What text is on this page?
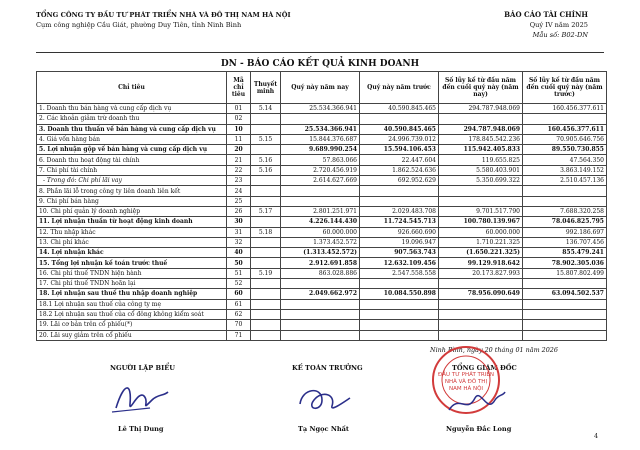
TỔNG CÔNG TY ĐẦU TƯ PHÁT TRIỂN NHÀ VÀ ĐÔ THỊ NAM HÀ NỘI
Cụm công nghiệp Cầu Giát, phường Duy Tiên, tỉnh Ninh Bình
BÁO CÁO TÀI CHÍNH
Quý IV năm 2025
Mẫu số: B02-DN
DN - BÁO CÁO KẾT QUẢ KINH DOANH
Chỉ tiêu	Mã chỉ tiêu	Thuyết minh	Quý này năm nay	Quý này năm trước	Số lũy kế từ đầu năm đến cuối quý này (năm nay)	Số lũy kế từ đầu năm đến cuối quý này (năm trước)
1. Doanh thu bán hàng và cung cấp dịch vụ	01	5.14	25.534.366.941	40.590.845.465	294.787.948.069	160.456.377.611
2. Các khoản giảm trừ doanh thu	02					
3. Doanh thu thuần về bán hàng và cung cấp dịch vụ	10		25.534.366.941	40.590.845.465	294.787.948.069	160.456.377.611
4. Giá vốn hàng bán	11	5.15	15.844.376.687	24.996.739.012	178.845.542.236	70.905.646.756
5. Lợi nhuận gộp về bán hàng và cung cấp dịch vụ	20		9.689.990.254	15.594.106.453	115.942.405.833	89.550.730.855
6. Doanh thu hoạt động tài chính	21	5.16	57.863.066	22.447.604	119.655.825	47.564.350
7. Chi phí tài chính	22	5.16	2.720.456.919	1.862.524.636	5.580.403.901	3.863.149.152
- Trong đó: Chi phí lãi vay	23		2.614.627.669	692.952.629	5.350.699.322	2.510.457.136
8. Phần lãi lỗ trong công ty liên doanh liên kết	24					
9. Chi phí bán hàng	25					
10. Chi phí quản lý doanh nghiệp	26	5.17	2.801.251.971	2.029.483.708	9.701.517.790	7.688.320.258
11. Lợi nhuận thuần từ hoạt động kinh doanh	30		4.226.144.430	11.724.545.713	100.780.139.967	78.046.825.795
12. Thu nhập khác	31	5.18	60.000.000	926.660.690	60.000.000	992.186.697
13. Chi phí khác	32		1.373.452.572	19.096.947	1.710.221.325	136.707.456
14. Lợi nhuận khác	40		(1.313.452.572)	907.563.743	(1.650.221.325)	855.479.241
15. Tổng lợi nhuận kế toán trước thuế	50		2.912.691.858	12.632.109.456	99.129.918.642	78.902.305.036
16. Chi phí thuế TNDN hiện hành	51	5.19	863.028.886	2.547.558.558	20.173.827.993	15.807.802.499
17. Chi phí thuế TNDN hoãn lại	52					
18. Lợi nhuận sau thuế thu nhập doanh nghiệp	60		2.049.662.972	10.084.550.898	78.956.090.649	63.094.502.537
18.1 Lợi nhuận sau thuế của công ty mẹ	61					
18.2 Lợi nhuận sau thuế của cổ đông không kiểm soát	62					
19. Lãi cơ bản trên cổ phiếu(*)	70					
20. Lãi suy giảm trên cổ phiếu	71					
Ninh Bình, ngày 20 tháng 01 năm 2026
NGƯỜI LẬP BIỂU	KẾ TOÁN TRƯỞNG	TỔNG GIÁM ĐỐC
ĐẦU TƯ PHÁT TRIỂN
NHÀ VÀ ĐÔ THỊ
NAM HÀ NỘI
Lê Thị Dung	Tạ Ngọc Nhất	Nguyễn Đắc Long
4
